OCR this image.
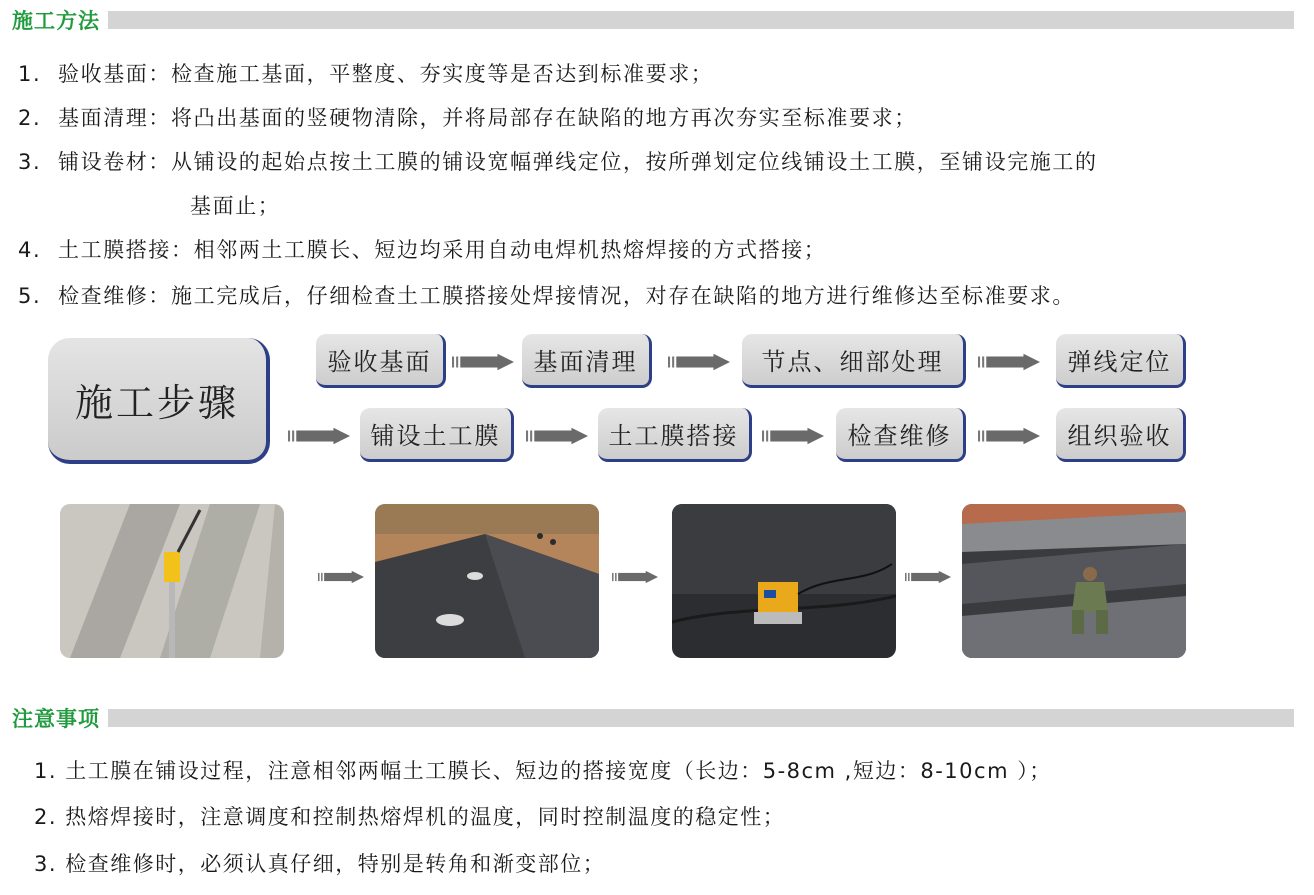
施工方法
1. 验收基面：检查施工基面，平整度、夯实度等是否达到标准要求；
2. 基面清理：将凸出基面的竖硬物清除，并将局部存在缺陷的地方再次夯实至标准要求；
3. 铺设卷材：从铺设的起始点按土工膜的铺设宽幅弹线定位，按所弹划定位线铺设土工膜，至铺设完施工的
基面止；
4. 土工膜搭接：相邻两土工膜长、短边均采用自动电焊机热熔焊接的方式搭接；
5. 检查维修：施工完成后，仔细检查土工膜搭接处焊接情况，对存在缺陷的地方进行维修达至标准要求。
施工步骤
验收基面	基面清理	节点、细部处理	弹线定位
铺设土工膜	土工膜搭接	检查维修	组织验收
注意事项
1. 土工膜在铺设过程，注意相邻两幅土工膜长、短边的搭接宽度（长边：5-8cm ,短边：8-10cm ）；
2. 热熔焊接时，注意调度和控制热熔焊机的温度，同时控制温度的稳定性；
3. 检查维修时，必须认真仔细，特别是转角和渐变部位；
